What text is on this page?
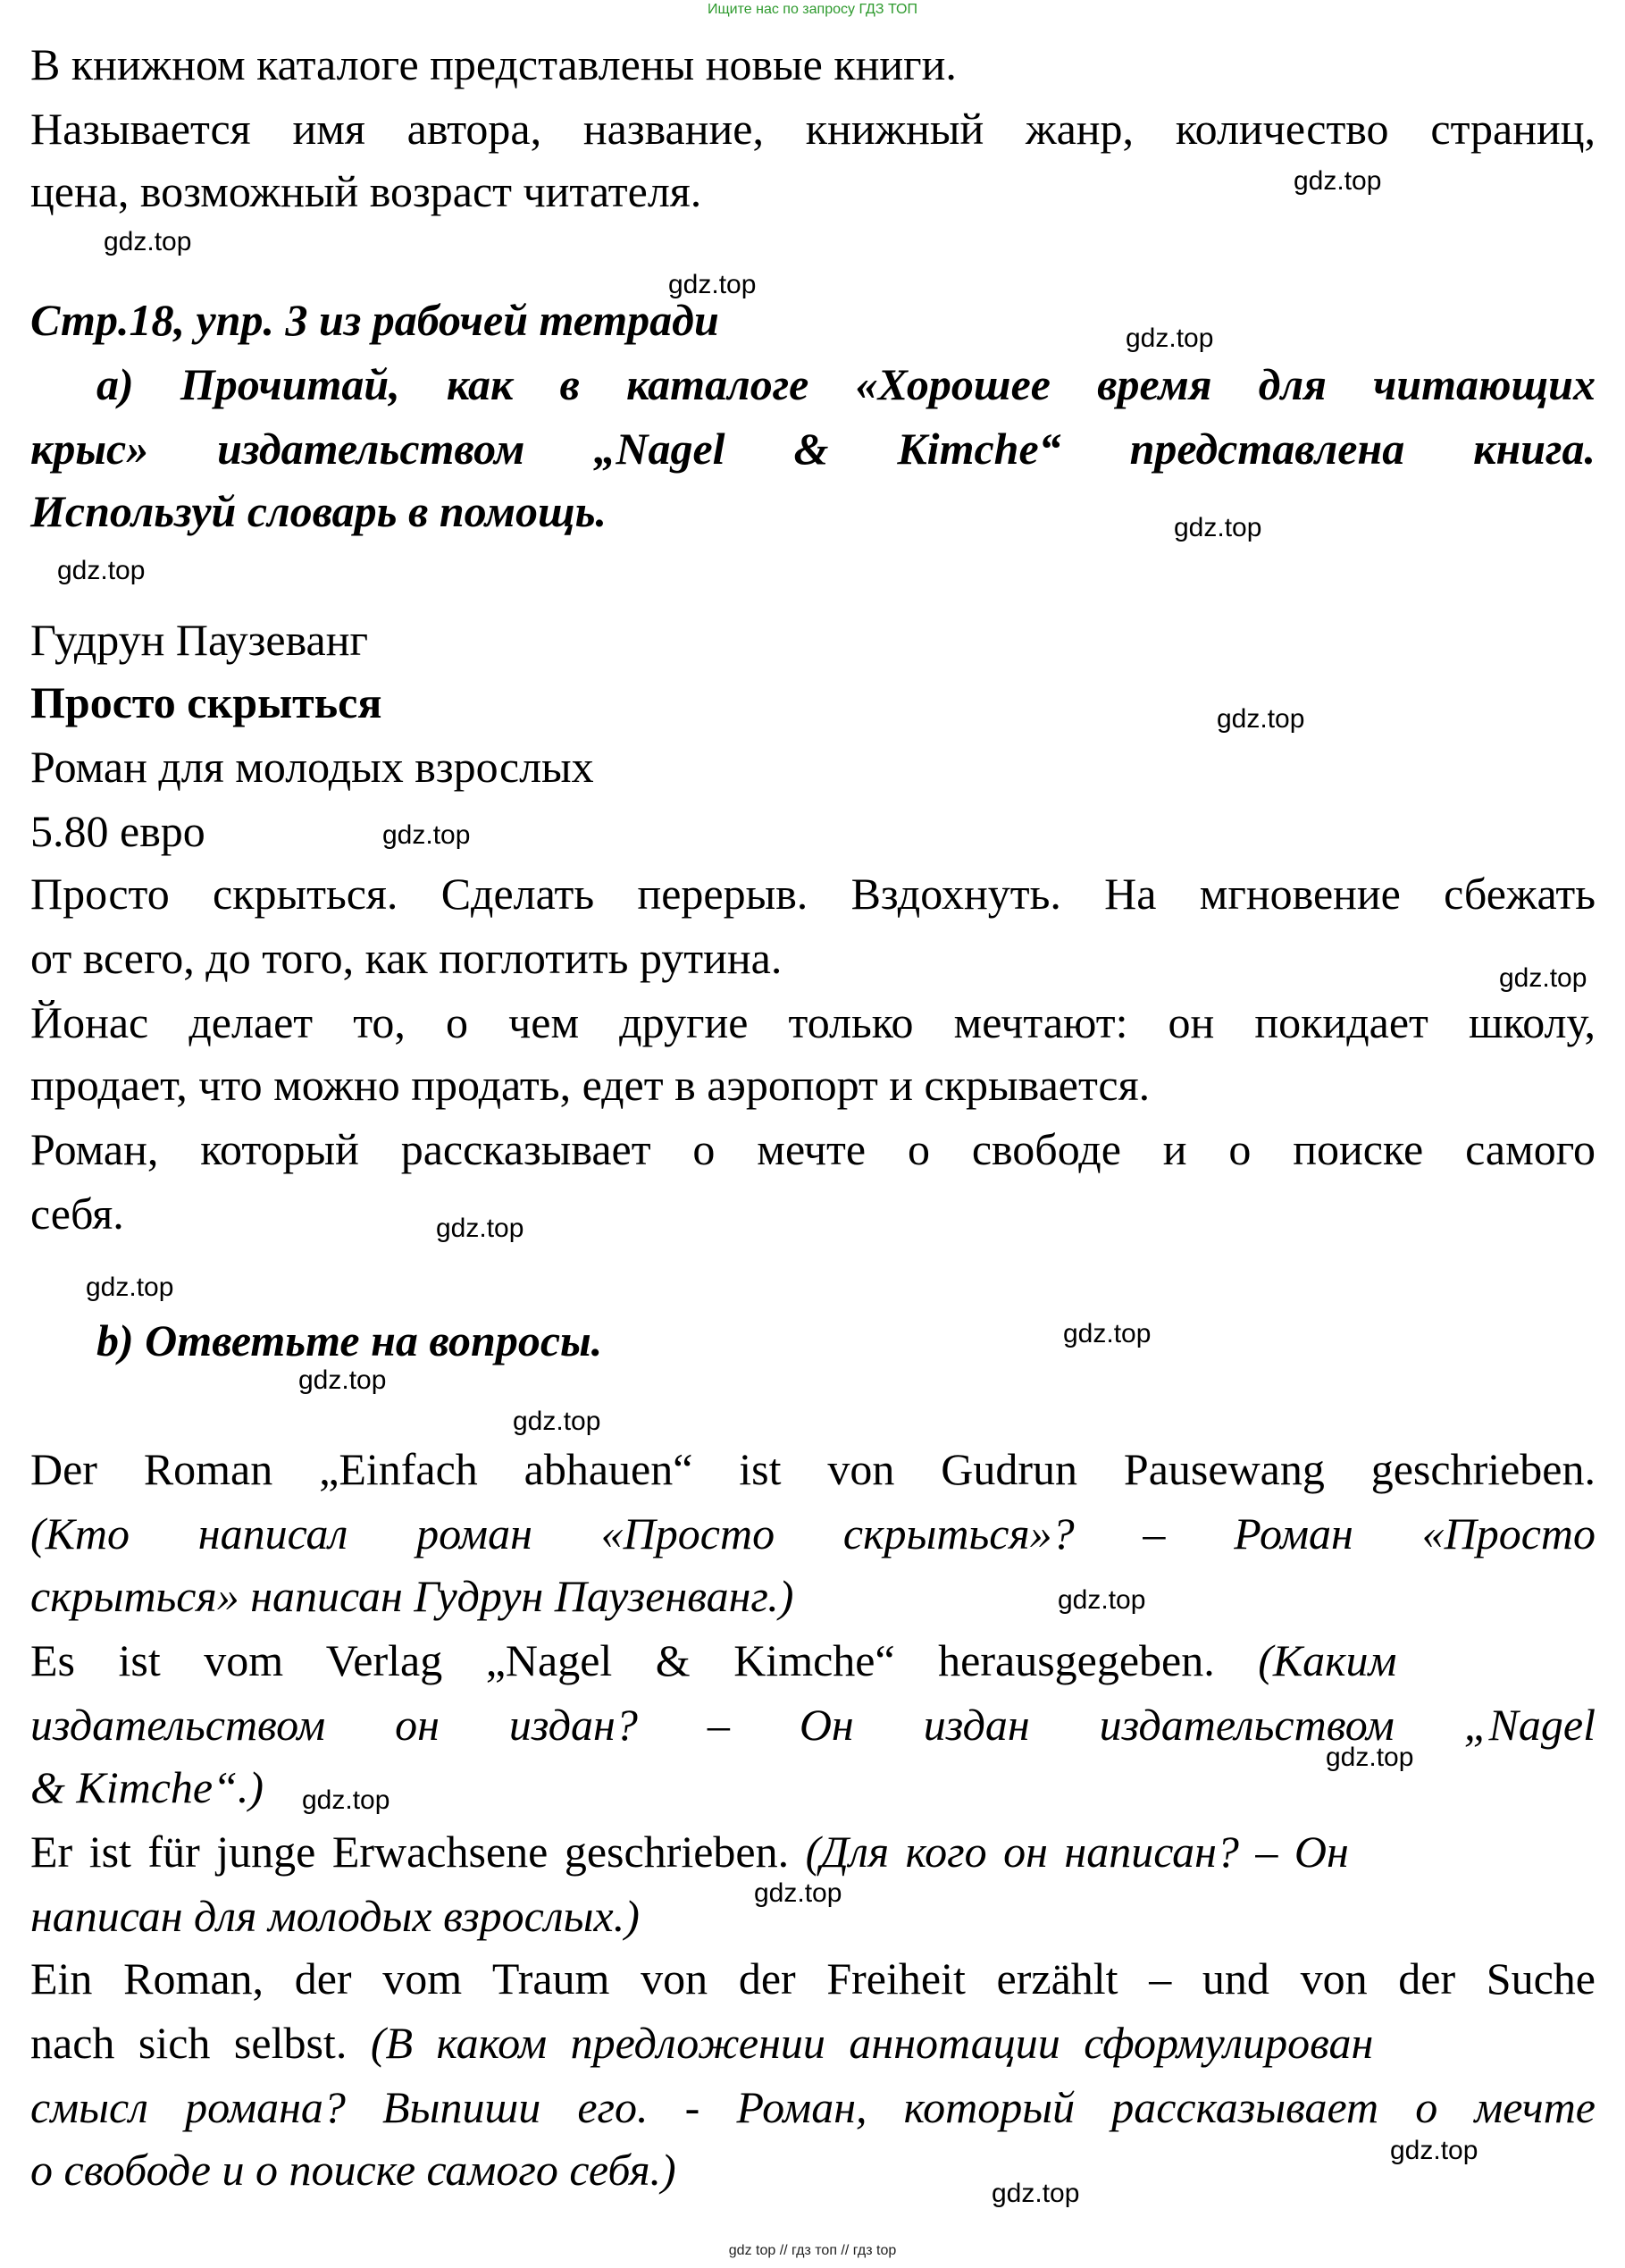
Ищите нас по запросу ГДЗ ТОП
В книжном каталоге представлены новые книги.
Называется имя автора, название, книжный жанр, количество страниц,
цена, возможный возраст читателя.
Стр.18, упр. 3 из рабочей тетради
а) Прочитай, как в каталоге «Хорошее время для читающих
крыс» издательством „Nagel & Kimche“ представлена книга.
Используй словарь в помощь.
Гудрун Паузеванг
Просто скрыться
Роман для молодых взрослых
5.80 евро
Просто скрыться. Сделать перерыв. Вздохнуть. На мгновение сбежать
от всего, до того, как поглотить рутина.
Йонас делает то, о чем другие только мечтают: он покидает школу,
продает, что можно продать, едет в аэропорт и скрывается.
Роман, который рассказывает о мечте о свободе и о поиске самого
себя.
b) Ответьте на вопросы.
Der Roman „Einfach abhauen“ ist von Gudrun Pausewang geschrieben.
(Кто написал роман «Просто скрыться»? – Роман «Просто
скрыться» написан Гудрун Паузенванг.)
Es ist vom Verlag „Nagel & Kimche“ herausgegeben. (Каким
издательством он издан? – Он издан издательством „Nagel
& Kimche“.)
Er ist für junge Erwachsene geschrieben. (Для кого он написан? – Он
написан для молодых взрослых.)
Ein Roman, der vom Traum von der Freiheit erzählt – und von der Suche
nach sich selbst. (В каком предложении аннотации сформулирован
смысл романа? Выпиши его. - Роман, который рассказывает о мечте
о свободе и о поиске самого себя.)
gdz.top
gdz.top
gdz.top
gdz.top
gdz.top
gdz.top
gdz.top
gdz.top
gdz.top
gdz.top
gdz.top
gdz.top
gdz.top
gdz.top
gdz.top
gdz.top
gdz.top
gdz.top
gdz.top
gdz.top
gdz top // гдз топ // гдз top
